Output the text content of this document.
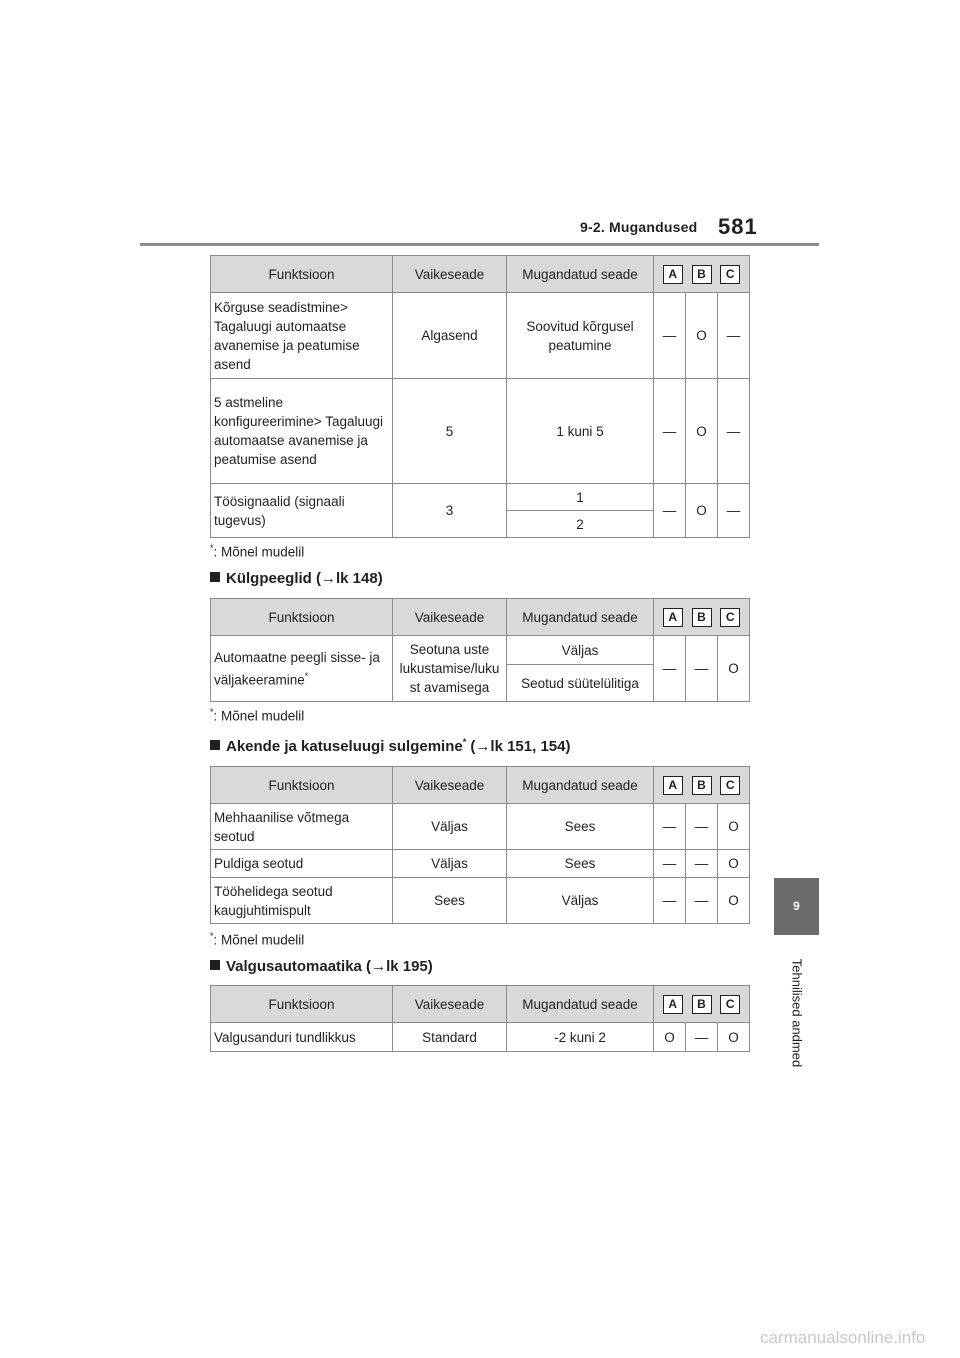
9-2. Mugandused 581
9
Tehnilised andmed
Funktsioon	Vaikeseade	Mugandatud seade	A B C		

Kõrguse seadistmine> Tagaluugi automaatse avanemise ja peatumise asend	Algasend	Soovitud kõrgusel peatumine	—	O	—
5 astmeline konfigureerimine> Tagaluugi automaatse avanemise ja peatumise asend	5	1 kuni 5	—	O	—
Töösignaalid (signaali tugevus)	3	1	—	O	—
		2			
*: Mõnel mudelil
Külgpeeglid (→lk 148)
Funktsioon	Vaikeseade	Mugandatud seade	A B C		

Automaatne peegli sisse- ja väljakeeramine*	Seotuna uste lukustamise/luku st avamisega	Väljas	—	—	O
		Seotud süütelülitiga			
*: Mõnel mudelil
Akende ja katuseluugi sulgemine* (→lk 151, 154)
Funktsioon	Vaikeseade	Mugandatud seade	A B C		

Mehhaanilise võtmega seotud	Väljas	Sees	—	—	O
Puldiga seotud	Väljas	Sees	—	—	O
Tööhelidega seotud kaugjuhtimispult	Sees	Väljas	—	—	O
*: Mõnel mudelil
Valgusautomaatika (→lk 195)
Funktsioon	Vaikeseade	Mugandatud seade	A B C		

Valgusanduri tundlikkus	Standard	-2 kuni 2	O	—	O
carmanualsonline.info
